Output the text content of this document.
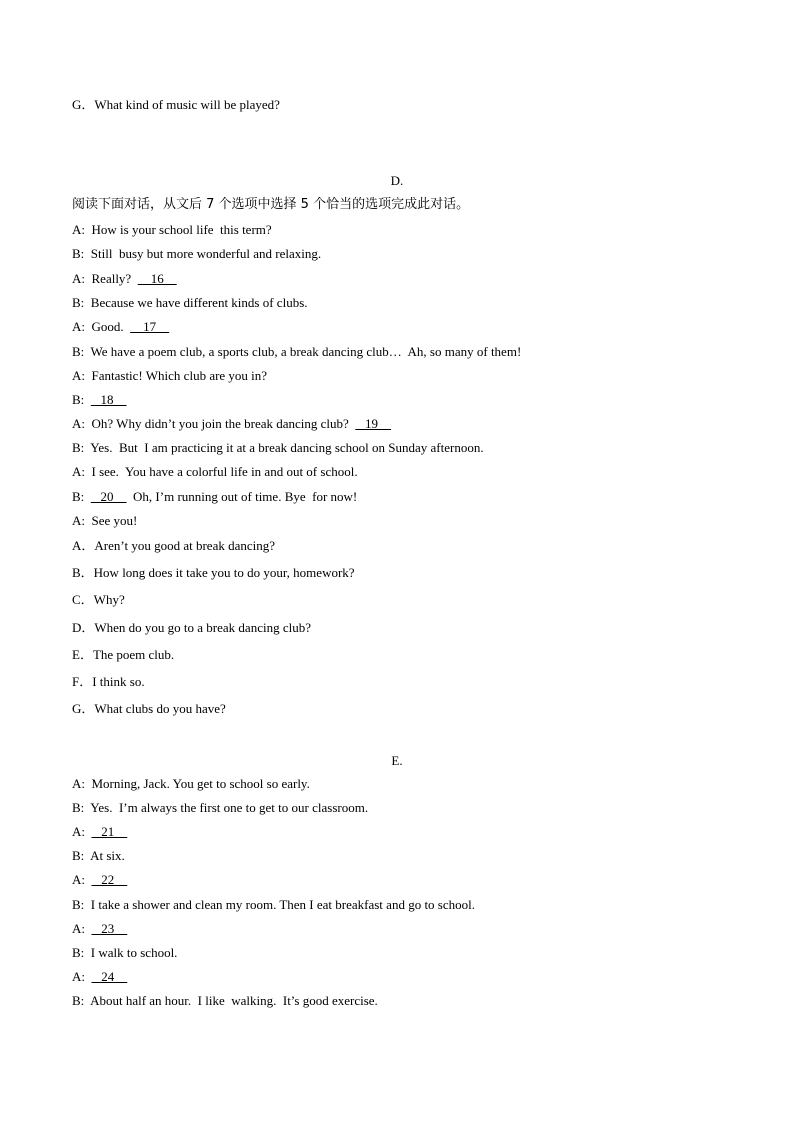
G．What kind of music will be played?
D.
阅读下面对话，从文后 7 个选项中选择 5 个恰当的选项完成此对话。
A:  How is your school life  this term?
B:  Still  busy but more wonderful and relaxing.
A:  Really?      16
B:  Because we have different kinds of clubs.
A:  Good.      17
B:  We have a poem club, a sports club, a break dancing club…  Ah, so many of them!
A:  Fantastic! Which club are you in?
B:     18
A:  Oh? Why didn’t you join the break dancing club?     19
B:  Yes.  But  I am practicing it at a break dancing school on Sunday afternoon.
A:  I see.  You have a colorful life in and out of school.
B:     20      Oh, I’m running out of time. Bye  for now!
A:  See you!
A．Aren’t you good at break dancing?
B．How long does it take you to do your, homework?
C．Why?
D．When do you go to a break dancing club?
E．The poem club.
F．I think so.
G．What clubs do you have?
E.
A:  Morning, Jack. You get to school so early.
B:  Yes.  I’m always the first one to get to our classroom.
A:     21
B:  At six.
A:     22
B:  I take a shower and clean my room. Then I eat breakfast and go to school.
A:     23
B:  I walk to school.
A:     24
B:  About half an hour.  I like  walking.  It’s good exercise.
